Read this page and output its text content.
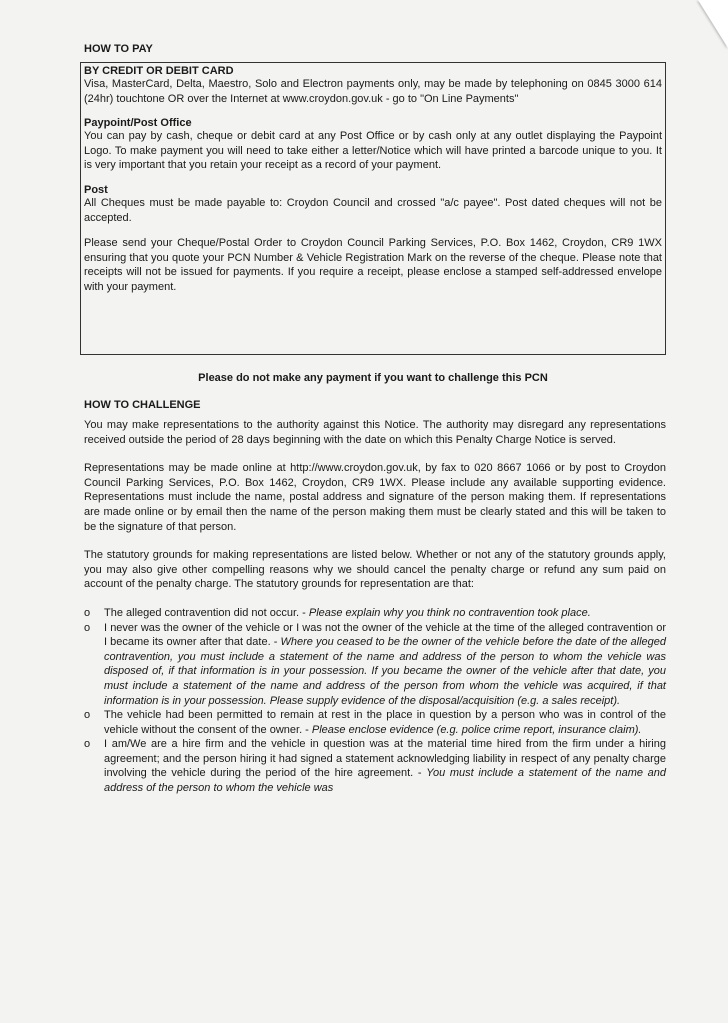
HOW TO PAY
BY CREDIT OR DEBIT CARD

Visa, MasterCard, Delta, Maestro, Solo and Electron payments only, may be made by telephoning on 0845 3000 614 (24hr) touchtone OR over the Internet at www.croydon.gov.uk - go to "On Line Payments"

Paypoint/Post Office

You can pay by cash, cheque or debit card at any Post Office or by cash only at any outlet displaying the Paypoint Logo. To make payment you will need to take either a letter/Notice which will have printed a barcode unique to you. It is very important that you retain your receipt as a record of your payment.

Post

All Cheques must be made payable to: Croydon Council and crossed "a/c payee". Post dated cheques will not be accepted.

Please send your Cheque/Postal Order to Croydon Council Parking Services, P.O. Box 1462, Croydon, CR9 1WX ensuring that you quote your PCN Number & Vehicle Registration Mark on the reverse of the cheque. Please note that receipts will not be issued for payments. If you require a receipt, please enclose a stamped self-addressed envelope with your payment.

Please do not make any payment if you want to challenge this PCN
HOW TO CHALLENGE

You may make representations to the authority against this Notice. The authority may disregard any representations received outside the period of 28 days beginning with the date on which this Penalty Charge Notice is served.

Representations may be made online at http://www.croydon.gov.uk, by fax to 020 8667 1066 or by post to Croydon Council Parking Services, P.O. Box 1462, Croydon, CR9 1WX. Please include any available supporting evidence. Representations must include the name, postal address and signature of the person making them. If representations are made online or by email then the name of the person making them must be clearly stated and this will be taken to be the signature of that person.

The statutory grounds for making representations are listed below. Whether or not any of the statutory grounds apply, you may also give other compelling reasons why we should cancel the penalty charge or refund any sum paid on account of the penalty charge. The statutory grounds for representation are that:

o The alleged contravention did not occur. - Please explain why you think no contravention took place.
o I never was the owner of the vehicle or I was not the owner of the vehicle at the time of the alleged contravention or I became its owner after that date. - Where you ceased to be the owner of the vehicle before the date of the alleged contravention, you must include a statement of the name and address of the person to whom the vehicle was disposed of, if that information is in your possession. If you became the owner of the vehicle after that date, you must include a statement of the name and address of the person from whom the vehicle was acquired, if that information is in your possession. Please supply evidence of the disposal/acquisition (e.g. a sales receipt).
o The vehicle had been permitted to remain at rest in the place in question by a person who was in control of the vehicle without the consent of the owner. - Please enclose evidence (e.g. police crime report, insurance claim).
o I am/We are a hire firm and the vehicle in question was at the material time hired from the firm under a hiring agreement; and the person hiring it had signed a statement acknowledging liability in respect of any penalty charge involving the vehicle during the period of the hire agreement. - You must include a statement of the name and address of the person to whom the vehicle was
